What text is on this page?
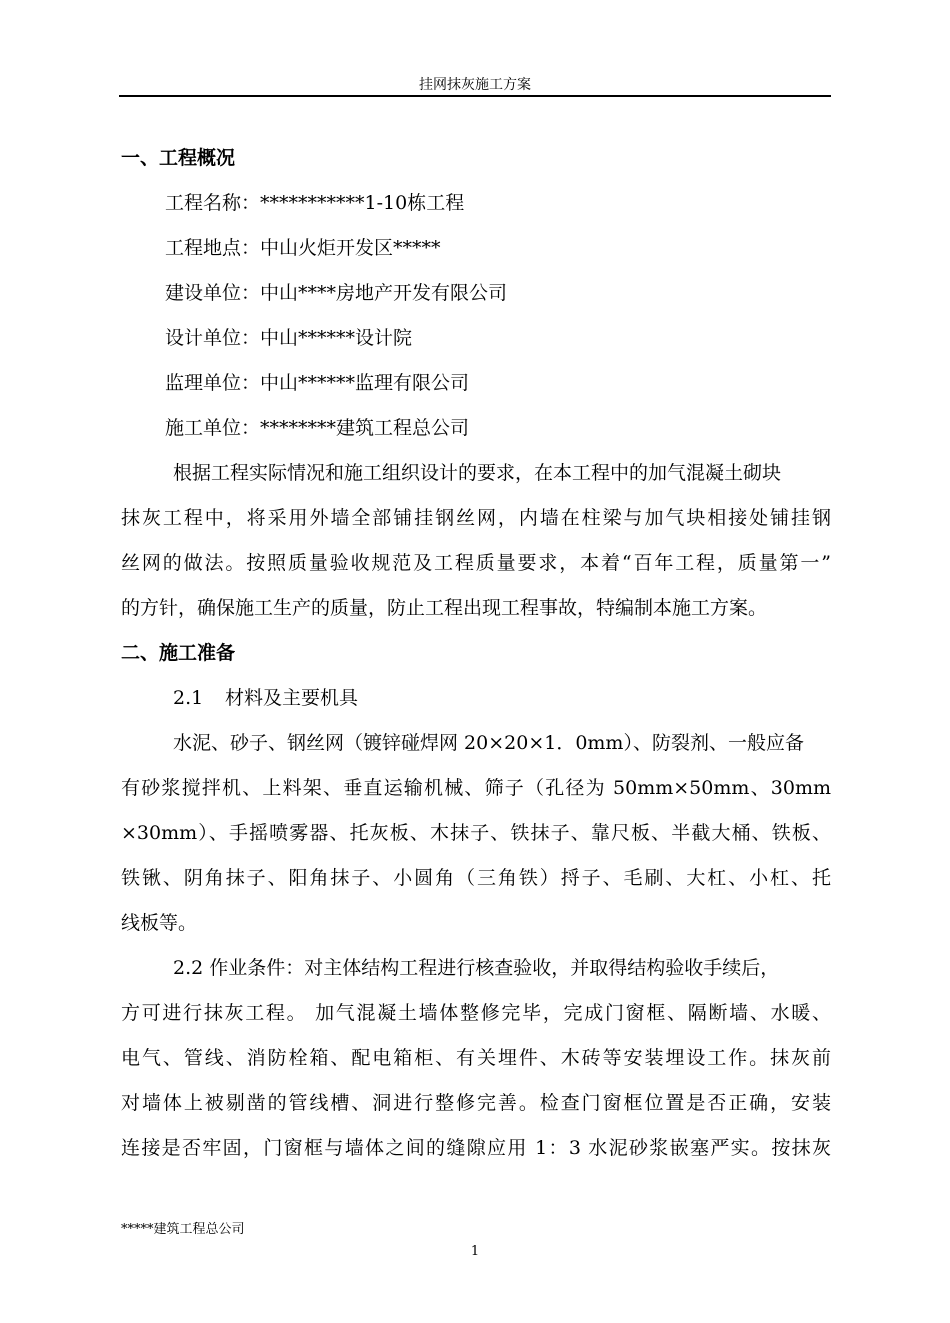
挂网抹灰施工方案
一、工程概况
工程名称：***********1-10栋工程
工程地点：中山火炬开发区*****
建设单位：中山****房地产开发有限公司
设计单位：中山******设计院
监理单位：中山******监理有限公司
施工单位：********建筑工程总公司
根据工程实际情况和施工组织设计的要求，在本工程中的加气混凝土砌块
抹灰工程中，将采用外墙全部铺挂钢丝网，内墙在柱梁与加气块相接处铺挂钢
丝网的做法。按照质量验收规范及工程质量要求，本着“百年工程，质量第一”
的方针，确保施工生产的质量，防止工程出现工程事故，特编制本施工方案。
二、施工准备
2.1 材料及主要机具
水泥、砂子、钢丝网（镀锌碰焊网 20×20×1．0mm）、防裂剂、一般应备
有砂浆搅拌机、上料架、垂直运输机械、筛子（孔径为 50mm×50mm、30mm
×30mm）、手摇喷雾器、托灰板、木抹子、铁抹子、靠尺板、半截大桶、铁板、
铁锹、阴角抹子、阳角抹子、小圆角（三角铁）捋子、毛刷、大杠、小杠、托
线板等。
2.2 作业条件：对主体结构工程进行核查验收，并取得结构验收手续后，
方可进行抹灰工程。 加气混凝土墙体整修完毕，完成门窗框、隔断墙、水暖、
电气、管线、消防栓箱、配电箱柜、有关埋件、木砖等安装埋设工作。抹灰前
对墙体上被剔凿的管线槽、洞进行整修完善。检查门窗框位置是否正确，安装
连接是否牢固，门窗框与墙体之间的缝隙应用 1：3 水泥砂浆嵌塞严实。按抹灰
*****建筑工程总公司
1
